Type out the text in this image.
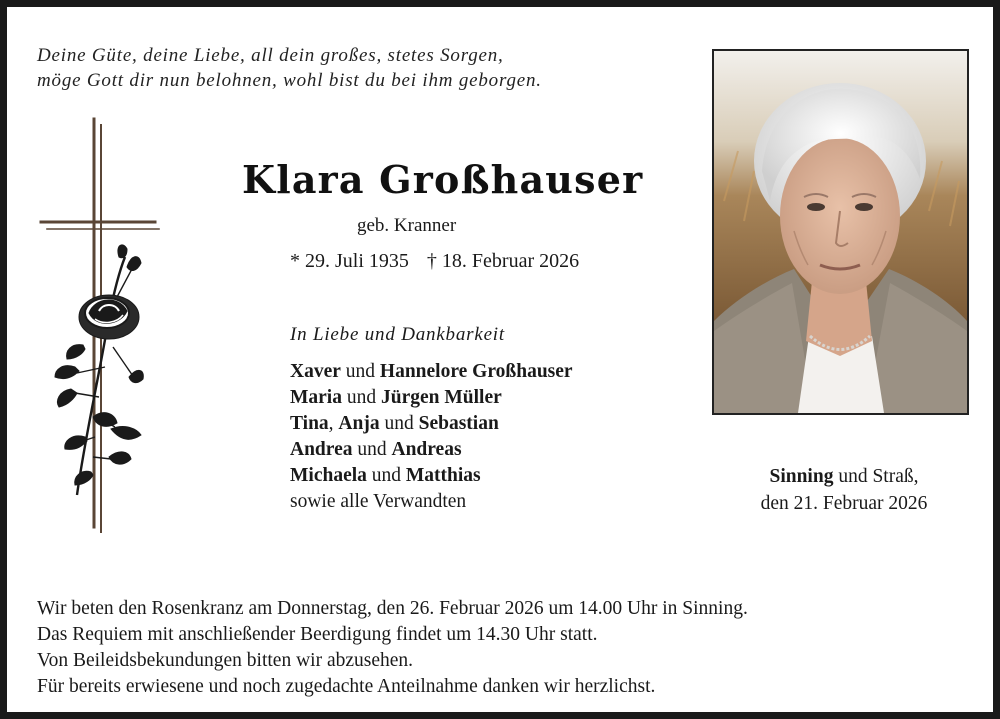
Deine Güte, deine Liebe, all dein großes, stetes Sorgen,
möge Gott dir nun belohnen, wohl bist du bei ihm geborgen.
Klara Großhauser
geb. Kranner
* 29. Juli 1935 † 18. Februar 2026
In Liebe und Dankbarkeit
Xaver und Hannelore Großhauser
Maria und Jürgen Müller
Tina, Anja und Sebastian
Andrea und Andreas
Michaela und Matthias
sowie alle Verwandten
Sinning und Straß,
den 21. Februar 2026
Wir beten den Rosenkranz am Donnerstag, den 26. Februar 2026 um 14.00 Uhr in Sinning.
Das Requiem mit anschließender Beerdigung findet um 14.30 Uhr statt.
Von Beileidsbekundungen bitten wir abzusehen.
Für bereits erwiesene und noch zugedachte Anteilnahme danken wir herzlichst.
